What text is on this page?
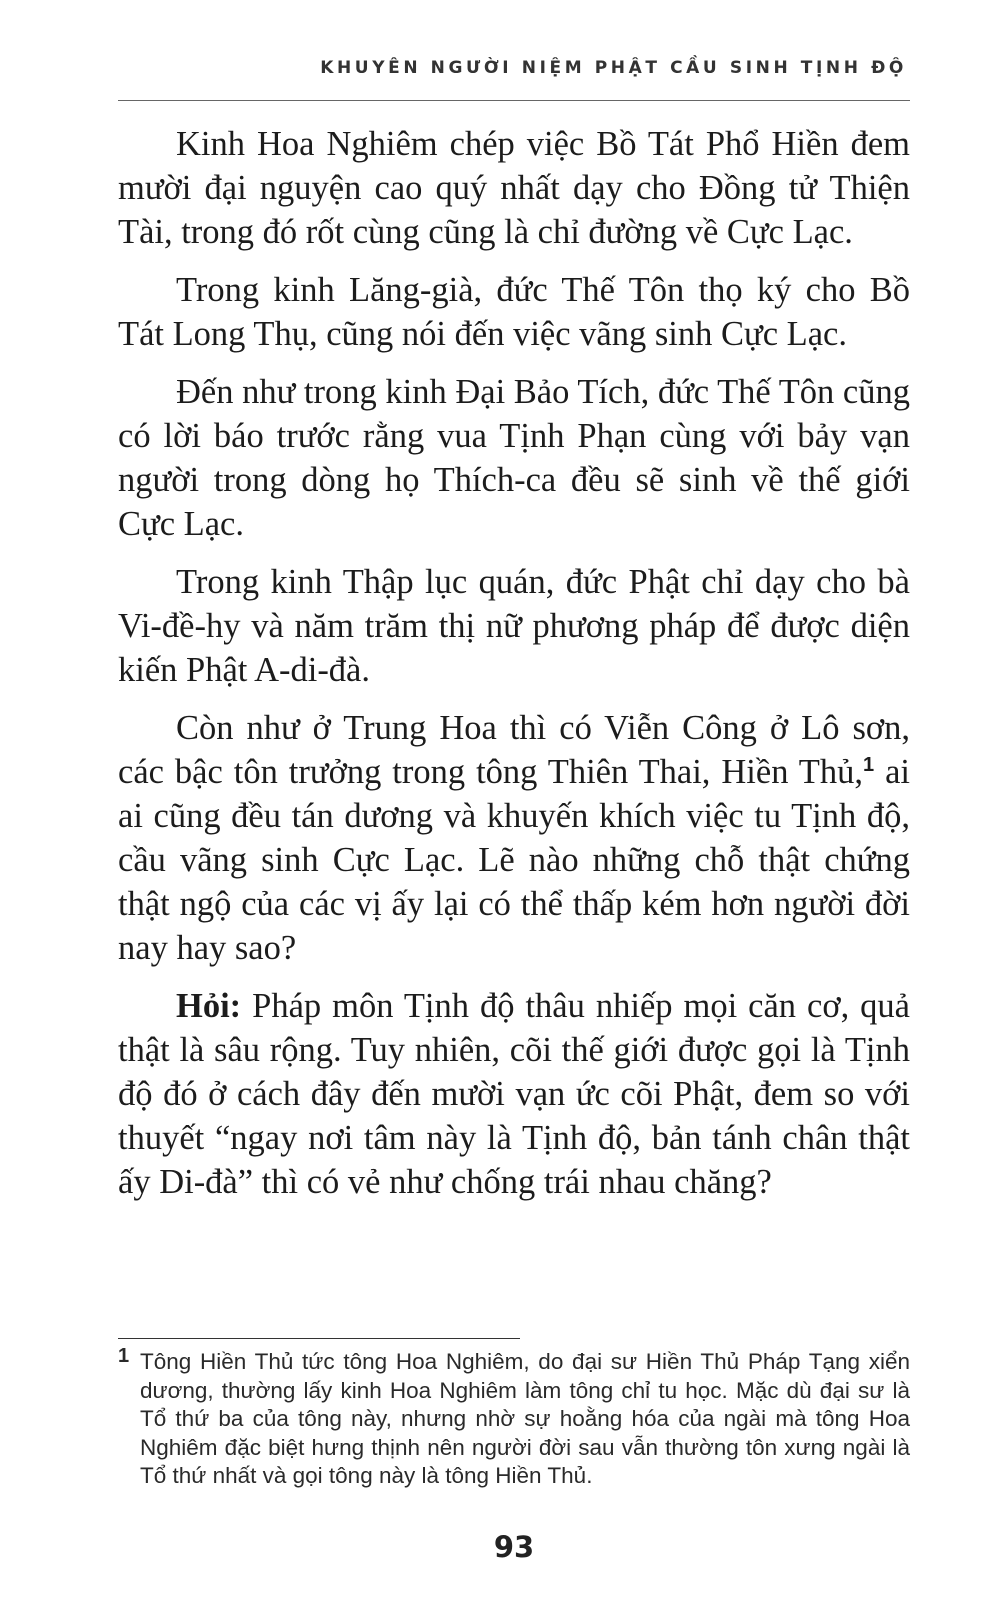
KHUYÊN NGƯỜI NIỆM PHẬT CẦU SINH TỊNH ĐỘ

Kinh Hoa Nghiêm chép việc Bồ Tát Phổ Hiền đem mười đại nguyện cao quý nhất dạy cho Đồng tử Thiện Tài, trong đó rốt cùng cũng là chỉ đường về Cực Lạc.

Trong kinh Lăng-già, đức Thế Tôn thọ ký cho Bồ Tát Long Thụ, cũng nói đến việc vãng sinh Cực Lạc.

Đến như trong kinh Đại Bảo Tích, đức Thế Tôn cũng có lời báo trước rằng vua Tịnh Phạn cùng với bảy vạn người trong dòng họ Thích-ca đều sẽ sinh về thế giới Cực Lạc.

Trong kinh Thập lục quán, đức Phật chỉ dạy cho bà Vi-đề-hy và năm trăm thị nữ phương pháp để được diện kiến Phật A-di-đà.

Còn như ở Trung Hoa thì có Viễn Công ở Lô sơn, các bậc tôn trưởng trong tông Thiên Thai, Hiền Thủ,$^1$ ai ai cũng đều tán dương và khuyến khích việc tu Tịnh độ, cầu vãng sinh Cực Lạc. Lẽ nào những chỗ thật chứng thật ngộ của các vị ấy lại có thể thấp kém hơn người đời nay hay sao?

Hỏi: Pháp môn Tịnh độ thâu nhiếp mọi căn cơ, quả thật là sâu rộng. Tuy nhiên, cõi thế giới được gọi là Tịnh độ đó ở cách đây đến mười vạn ức cõi Phật, đem so với thuyết “ngay nơi tâm này là Tịnh độ, bản tánh chân thật ấy Di-đà” thì có vẻ như chống trái nhau chăng?

1 Tông Hiền Thủ tức tông Hoa Nghiêm, do đại sư Hiền Thủ Pháp Tạng xiển dương, thường lấy kinh Hoa Nghiêm làm tông chỉ tu học. Mặc dù đại sư là Tổ thứ ba của tông này, nhưng nhờ sự hoằng hóa của ngài mà tông Hoa Nghiêm đặc biệt hưng thịnh nên người đời sau vẫn thường tôn xưng ngài là Tổ thứ nhất và gọi tông này là tông Hiền Thủ.
93
